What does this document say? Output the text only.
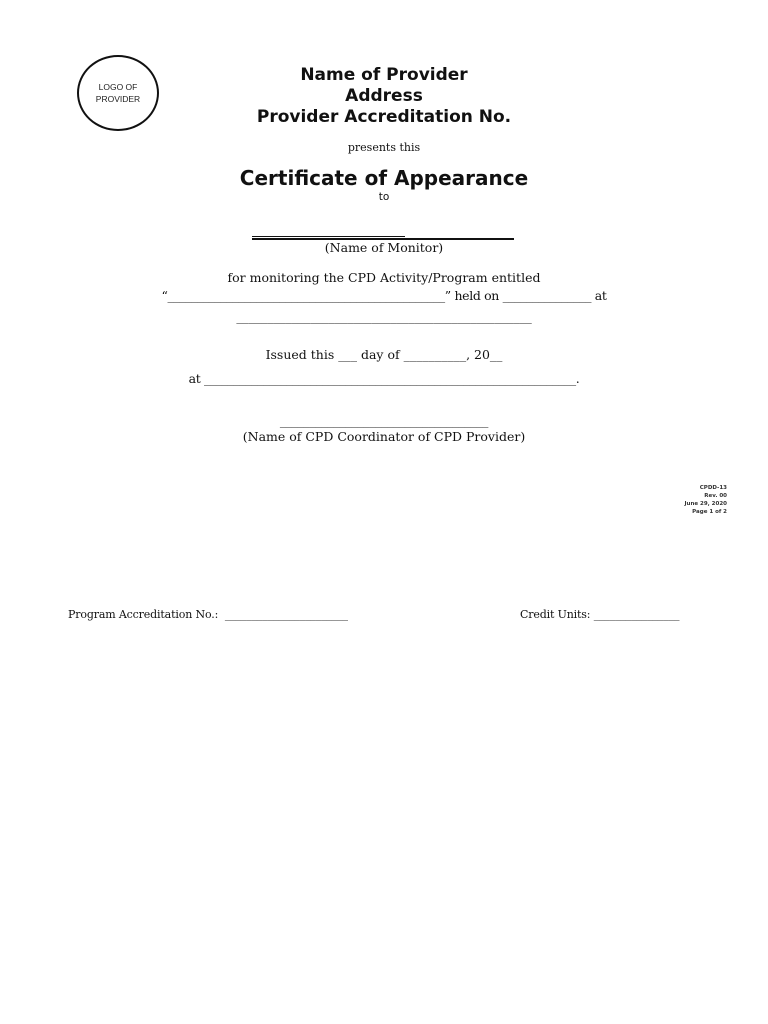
LOGO OF
PROVIDER
Name of Provider
Address
Provider Accreditation No.
presents this
Certificate of Appearance
to
(Name of Monitor)
for monitoring the CPD Activity/Program entitled
“_______________________________________________” held on _______________ at
________________________________________________
Issued this ___ day of __________, 20__
at _______________________________________________________________.
___________________________________
(Name of CPD Coordinator of CPD Provider)
CPDD-13
Rev. 00
June 29, 2020
Page 1 of 2
Program Accreditation No.:  _______________________	Credit Units: ________________
